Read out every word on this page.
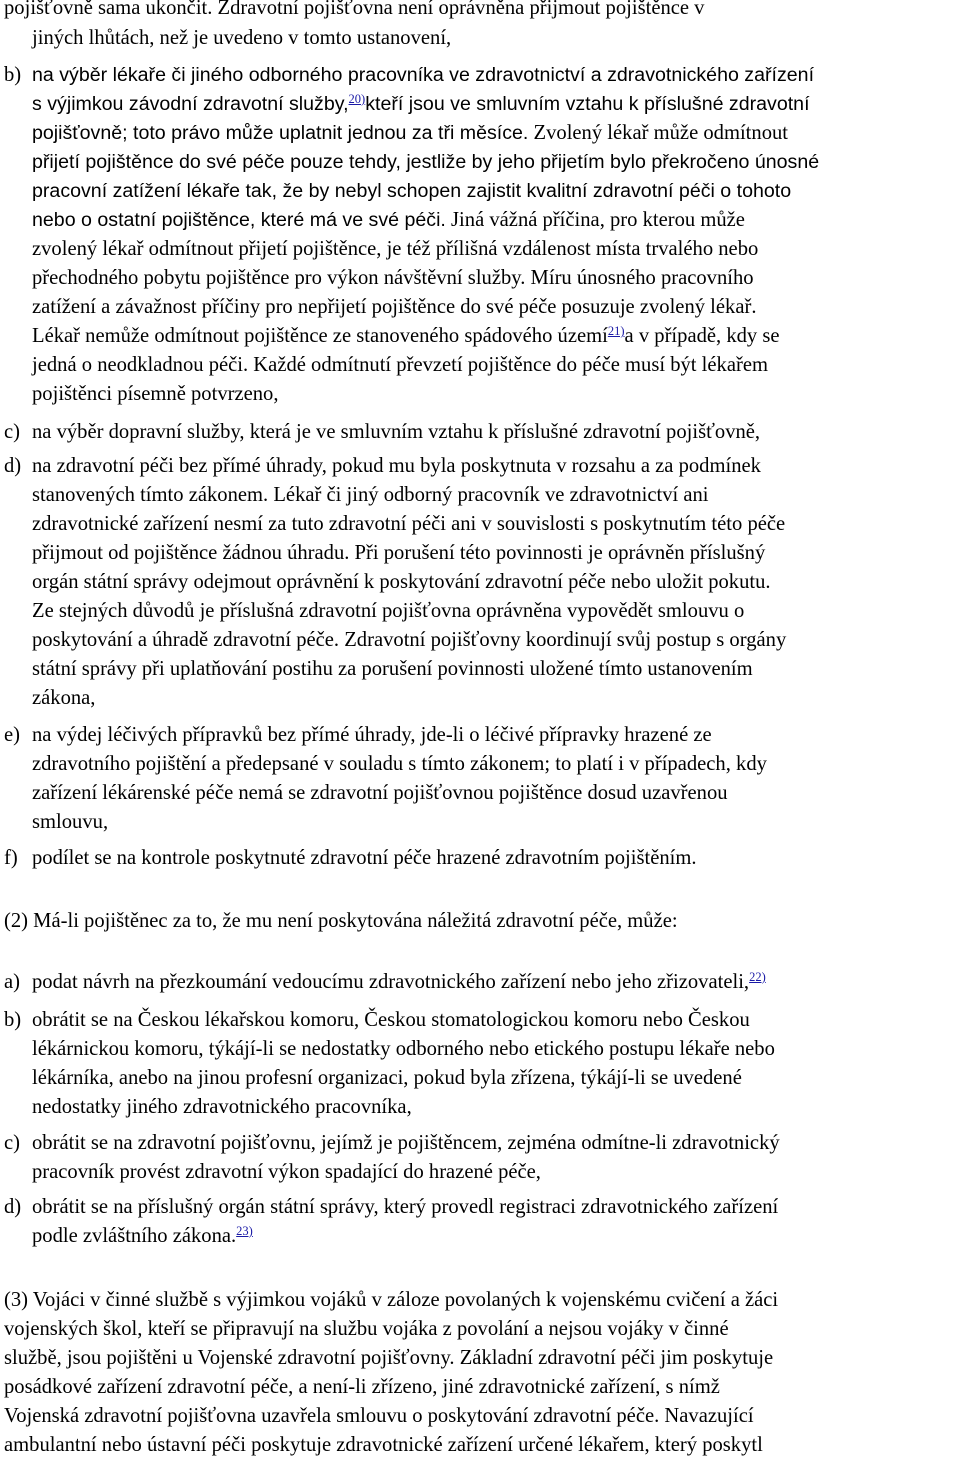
pojišťovně sama ukončit. Zdravotní pojišťovna není oprávněna přijmout pojištěnce v
jiných lhůtách, než je uvedeno v tomto ustanovení,
b) na výběr lékaře či jiného odborného pracovníka ve zdravotnictví a zdravotnického zařízení
s výjimkou závodní zdravotní služby,$^{20)}$kteří jsou ve smluvním vztahu k příslušné zdravotní
pojišťovně; toto právo může uplatnit jednou za tři měsíce. Zvolený lékař může odmítnout
přijetí pojištěnce do své péče pouze tehdy, jestliže by jeho přijetím bylo překročeno únosné
pracovní zatížení lékaře tak, že by nebyl schopen zajistit kvalitní zdravotní péči o tohoto
nebo o ostatní pojištěnce, které má ve své péči. Jiná vážná příčina, pro kterou může
zvolený lékař odmítnout přijetí pojištěnce, je též přílišná vzdálenost místa trvalého nebo
přechodného pobytu pojištěnce pro výkon návštěvní služby. Míru únosného pracovního
zatížení a závažnost příčiny pro nepřijetí pojištěnce do své péče posuzuje zvolený lékař.
Lékař nemůže odmítnout pojištěnce ze stanoveného spádového území$^{21)}$a v případě, kdy se
jedná o neodkladnou péči. Každé odmítnutí převzetí pojištěnce do péče musí být lékařem
pojištěnci písemně potvrzeno,
c) na výběr dopravní služby, která je ve smluvním vztahu k příslušné zdravotní pojišťovně,
d) na zdravotní péči bez přímé úhrady, pokud mu byla poskytnuta v rozsahu a za podmínek
stanovených tímto zákonem. Lékař či jiný odborný pracovník ve zdravotnictví ani
zdravotnické zařízení nesmí za tuto zdravotní péči ani v souvislosti s poskytnutím této péče
přijmout od pojištěnce žádnou úhradu. Při porušení této povinnosti je oprávněn příslušný
orgán státní správy odejmout oprávnění k poskytování zdravotní péče nebo uložit pokutu.
Ze stejných důvodů je příslušná zdravotní pojišťovna oprávněna vypovědět smlouvu o
poskytování a úhradě zdravotní péče. Zdravotní pojišťovny koordinují svůj postup s orgány
státní správy při uplatňování postihu za porušení povinnosti uložené tímto ustanovením
zákona,
e) na výdej léčivých přípravků bez přímé úhrady, jde-li o léčivé přípravky hrazené ze
zdravotního pojištění a předepsané v souladu s tímto zákonem; to platí i v případech, kdy
zařízení lékárenské péče nemá se zdravotní pojišťovnou pojištěnce dosud uzavřenou
smlouvu,
f) podílet se na kontrole poskytnuté zdravotní péče hrazené zdravotním pojištěním.
(2) Má-li pojištěnec za to, že mu není poskytována náležitá zdravotní péče, může:
a) podat návrh na přezkoumání vedoucímu zdravotnického zařízení nebo jeho zřizovateli,$^{22)}$
b) obrátit se na Českou lékařskou komoru, Českou stomatologickou komoru nebo Českou
lékárnickou komoru, týkájí-li se nedostatky odborného nebo etického postupu lékaře nebo
lékárníka, anebo na jinou profesní organizaci, pokud byla zřízena, týkájí-li se uvedené
nedostatky jiného zdravotnického pracovníka,
c) obrátit se na zdravotní pojišťovnu, jejímž je pojištěncem, zejména odmítne-li zdravotnický
pracovník provést zdravotní výkon spadající do hrazené péče,
d) obrátit se na příslušný orgán státní správy, který provedl registraci zdravotnického zařízení
podle zvláštního zákona.$^{23)}$
(3) Vojáci v činné službě s výjimkou vojáků v záloze povolaných k vojenskému cvičení a žáci
vojenských škol, kteří se připravují na službu vojáka z povolání a nejsou vojáky v činné
službě, jsou pojištěni u Vojenské zdravotní pojišťovny. Základní zdravotní péči jim poskytuje
posádkové zařízení zdravotní péče, a není-li zřízeno, jiné zdravotnické zařízení, s nímž
Vojenská zdravotní pojišťovna uzavřela smlouvu o poskytování zdravotní péče. Navazující
ambulantní nebo ústavní péči poskytuje zdravotnické zařízení určené lékařem, který poskytl
